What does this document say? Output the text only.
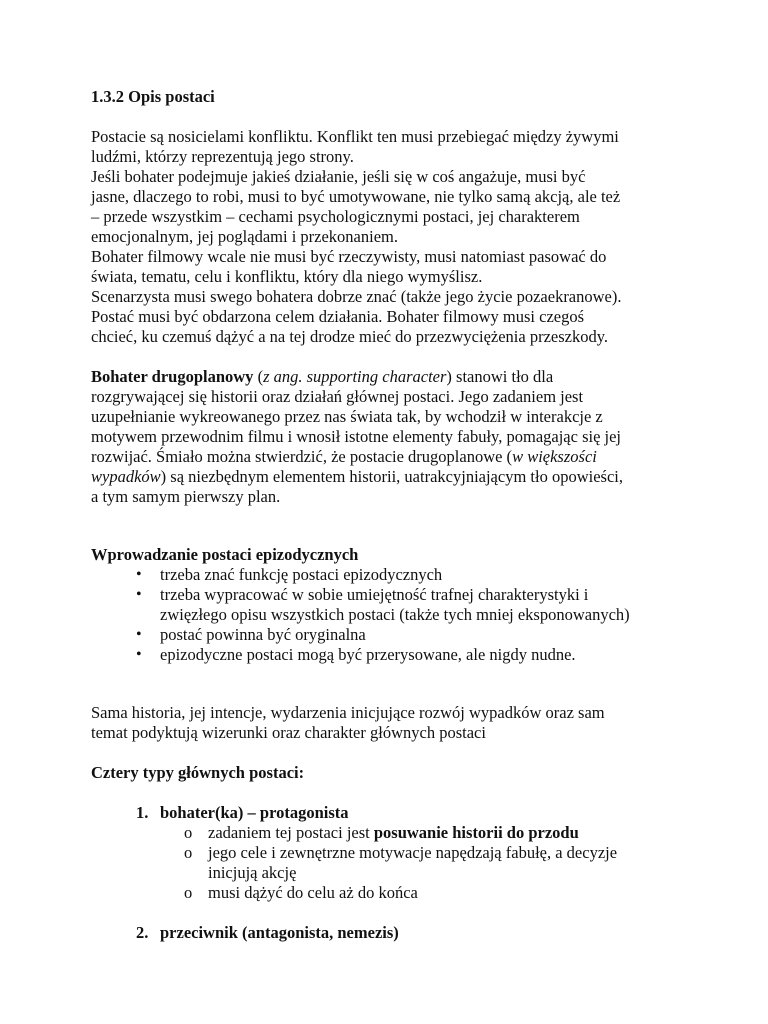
1.3.2 Opis postaci

Postacie są nosicielami konfliktu. Konflikt ten musi przebiegać między żywymi

ludźmi, którzy reprezentują jego strony.

Jeśli bohater podejmuje jakieś działanie, jeśli się w coś angażuje, musi być

jasne, dlaczego to robi, musi to być umotywowane, nie tylko samą akcją, ale też

– przede wszystkim – cechami psychologicznymi postaci, jej charakterem

emocjonalnym, jej poglądami i przekonaniem.

Bohater filmowy wcale nie musi być rzeczywisty, musi natomiast pasować do

świata, tematu, celu i konfliktu, który dla niego wymyślisz.

Scenarzysta musi swego bohatera dobrze znać (także jego życie pozaekranowe).

Postać musi być obdarzona celem działania. Bohater filmowy musi czegoś

chcieć, ku czemuś dążyć a na tej drodze mieć do przezwyciężenia przeszkody.

Bohater drugoplanowy (z ang. supporting character) stanowi tło dla

rozgrywającej się historii oraz działań głównej postaci. Jego zadaniem jest

uzupełnianie wykreowanego przez nas świata tak, by wchodził w interakcje z

motywem przewodnim filmu i wnosił istotne elementy fabuły, pomagając się jej

rozwijać. Śmiało można stwierdzić, że postacie drugoplanowe (w większości

wypadków) są niezbędnym elementem historii, uatrakcyjniającym tło opowieści,

a tym samym pierwszy plan.

Wprowadzanie postaci epizodycznych

• trzeba znać funkcję postaci epizodycznych

• trzeba wypracować w sobie umiejętność trafnej charakterystyki i

zwięzłego opisu wszystkich postaci (także tych mniej eksponowanych)

• postać powinna być oryginalna

• epizodyczne postaci mogą być przerysowane, ale nigdy nudne.

Sama historia, jej intencje, wydarzenia inicjujące rozwój wypadków oraz sam

temat podyktują wizerunki oraz charakter głównych postaci

Cztery typy głównych postaci:

1. bohater(ka) – protagonista

o zadaniem tej postaci jest posuwanie historii do przodu

o jego cele i zewnętrzne motywacje napędzają fabułę, a decyzje

inicjują akcję

o musi dążyć do celu aż do końca

2. przeciwnik (antagonista, nemezis)
